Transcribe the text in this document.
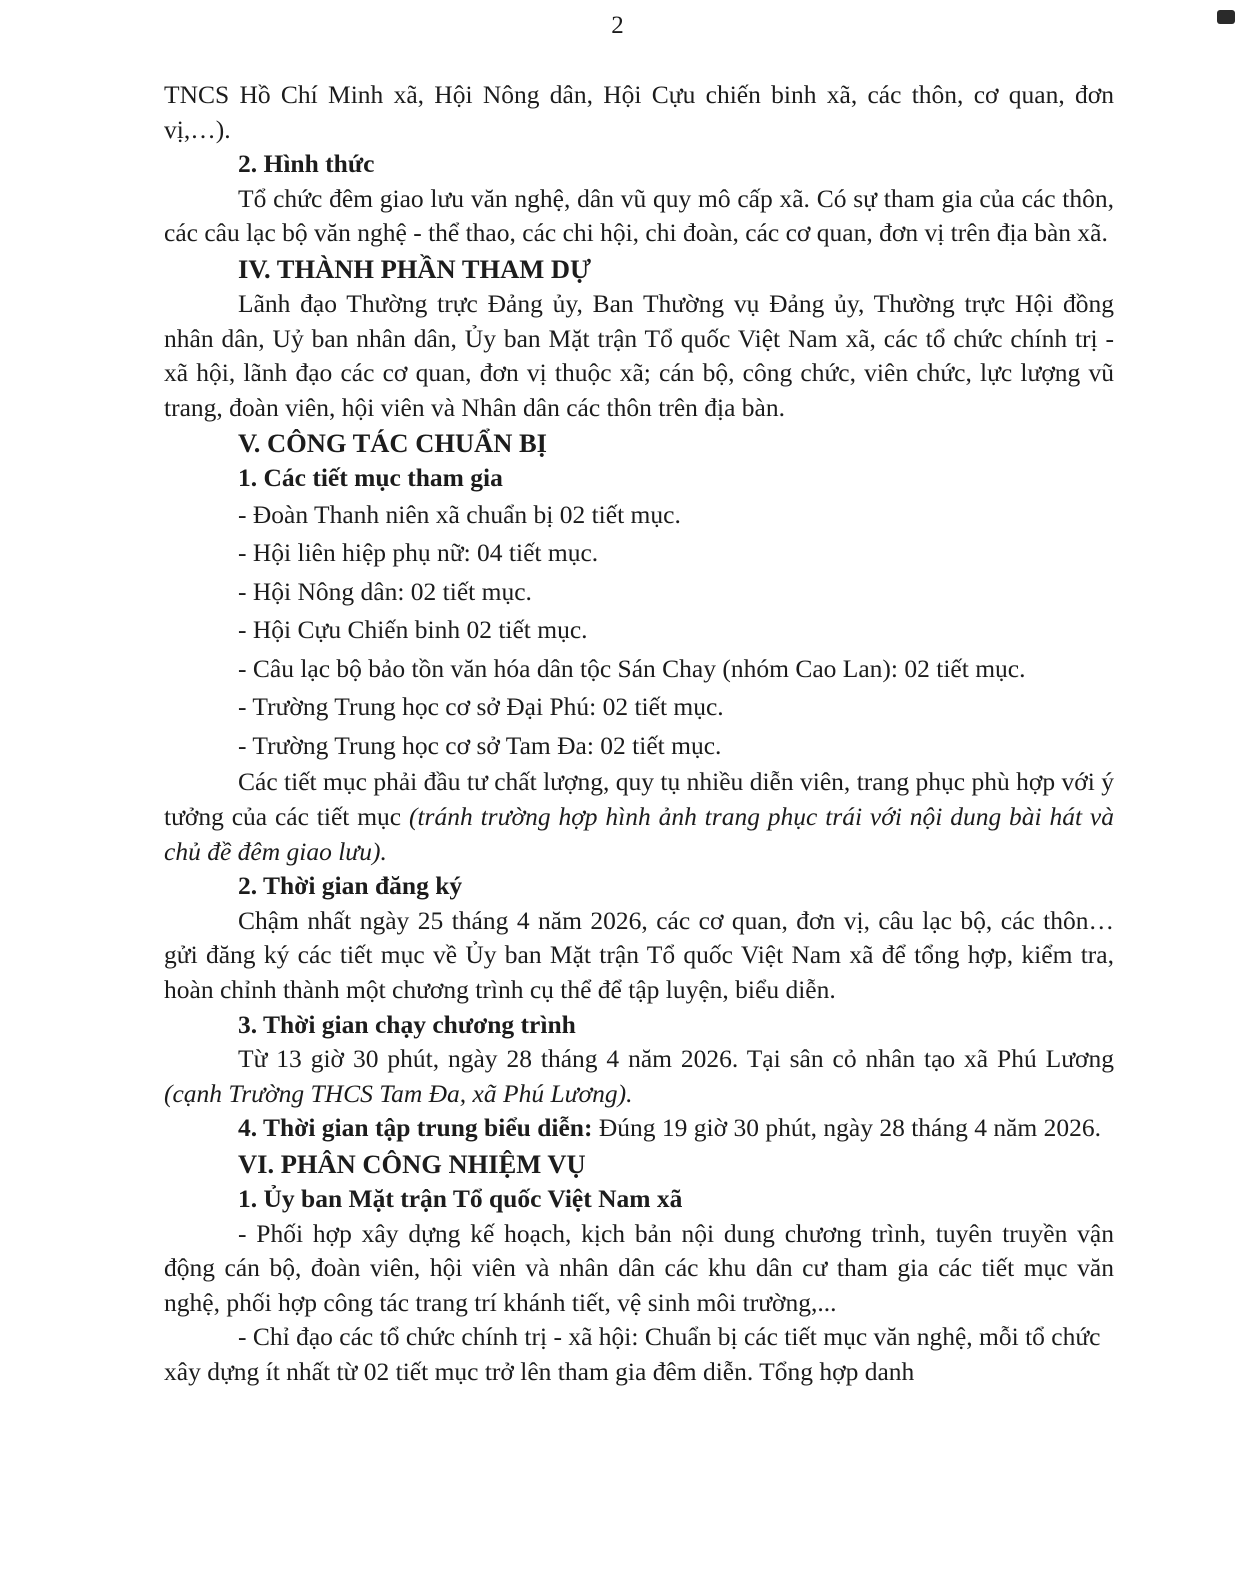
2

TNCS Hồ Chí Minh xã, Hội Nông dân, Hội Cựu chiến binh xã, các thôn, cơ quan, đơn vị,…).

2. Hình thức

Tổ chức đêm giao lưu văn nghệ, dân vũ quy mô cấp xã. Có sự tham gia của các thôn, các câu lạc bộ văn nghệ - thể thao, các chi hội, chi đoàn, các cơ quan, đơn vị trên địa bàn xã.

IV. THÀNH PHẦN THAM DỰ

Lãnh đạo Thường trực Đảng ủy, Ban Thường vụ Đảng ủy, Thường trực Hội đồng nhân dân, Uỷ ban nhân dân, Ủy ban Mặt trận Tổ quốc Việt Nam xã, các tổ chức chính trị - xã hội, lãnh đạo các cơ quan, đơn vị thuộc xã; cán bộ, công chức, viên chức, lực lượng vũ trang, đoàn viên, hội viên và Nhân dân các thôn trên địa bàn.

V. CÔNG TÁC CHUẨN BỊ

1. Các tiết mục tham gia

- Đoàn Thanh niên xã chuẩn bị 02 tiết mục.

- Hội liên hiệp phụ nữ: 04 tiết mục.

- Hội Nông dân: 02 tiết mục.

- Hội Cựu Chiến binh 02 tiết mục.

- Câu lạc bộ bảo tồn văn hóa dân tộc Sán Chay (nhóm Cao Lan): 02 tiết mục.

- Trường Trung học cơ sở Đại Phú: 02 tiết mục.

- Trường Trung học cơ sở Tam Đa: 02 tiết mục.

Các tiết mục phải đầu tư chất lượng, quy tụ nhiều diễn viên, trang phục phù hợp với ý tưởng của các tiết mục (tránh trường hợp hình ảnh trang phục trái với nội dung bài hát và chủ đề đêm giao lưu).

2. Thời gian đăng ký

Chậm nhất ngày 25 tháng 4 năm 2026, các cơ quan, đơn vị, câu lạc bộ, các thôn… gửi đăng ký các tiết mục về Ủy ban Mặt trận Tổ quốc Việt Nam xã để tổng hợp, kiểm tra, hoàn chỉnh thành một chương trình cụ thể để tập luyện, biểu diễn.

3. Thời gian chạy chương trình

Từ 13 giờ 30 phút, ngày 28 tháng 4 năm 2026. Tại sân cỏ nhân tạo xã Phú Lương (cạnh Trường THCS Tam Đa, xã Phú Lương).

4. Thời gian tập trung biểu diễn: Đúng 19 giờ 30 phút, ngày 28 tháng 4 năm 2026.

VI. PHÂN CÔNG NHIỆM VỤ

1. Ủy ban Mặt trận Tổ quốc Việt Nam xã

- Phối hợp xây dựng kế hoạch, kịch bản nội dung chương trình, tuyên truyền vận động cán bộ, đoàn viên, hội viên và nhân dân các khu dân cư tham gia các tiết mục văn nghệ, phối hợp công tác trang trí khánh tiết, vệ sinh môi trường,...

- Chỉ đạo các tổ chức chính trị - xã hội: Chuẩn bị các tiết mục văn nghệ, mỗi tổ chức xây dựng ít nhất từ 02 tiết mục trở lên tham gia đêm diễn. Tổng hợp danh
